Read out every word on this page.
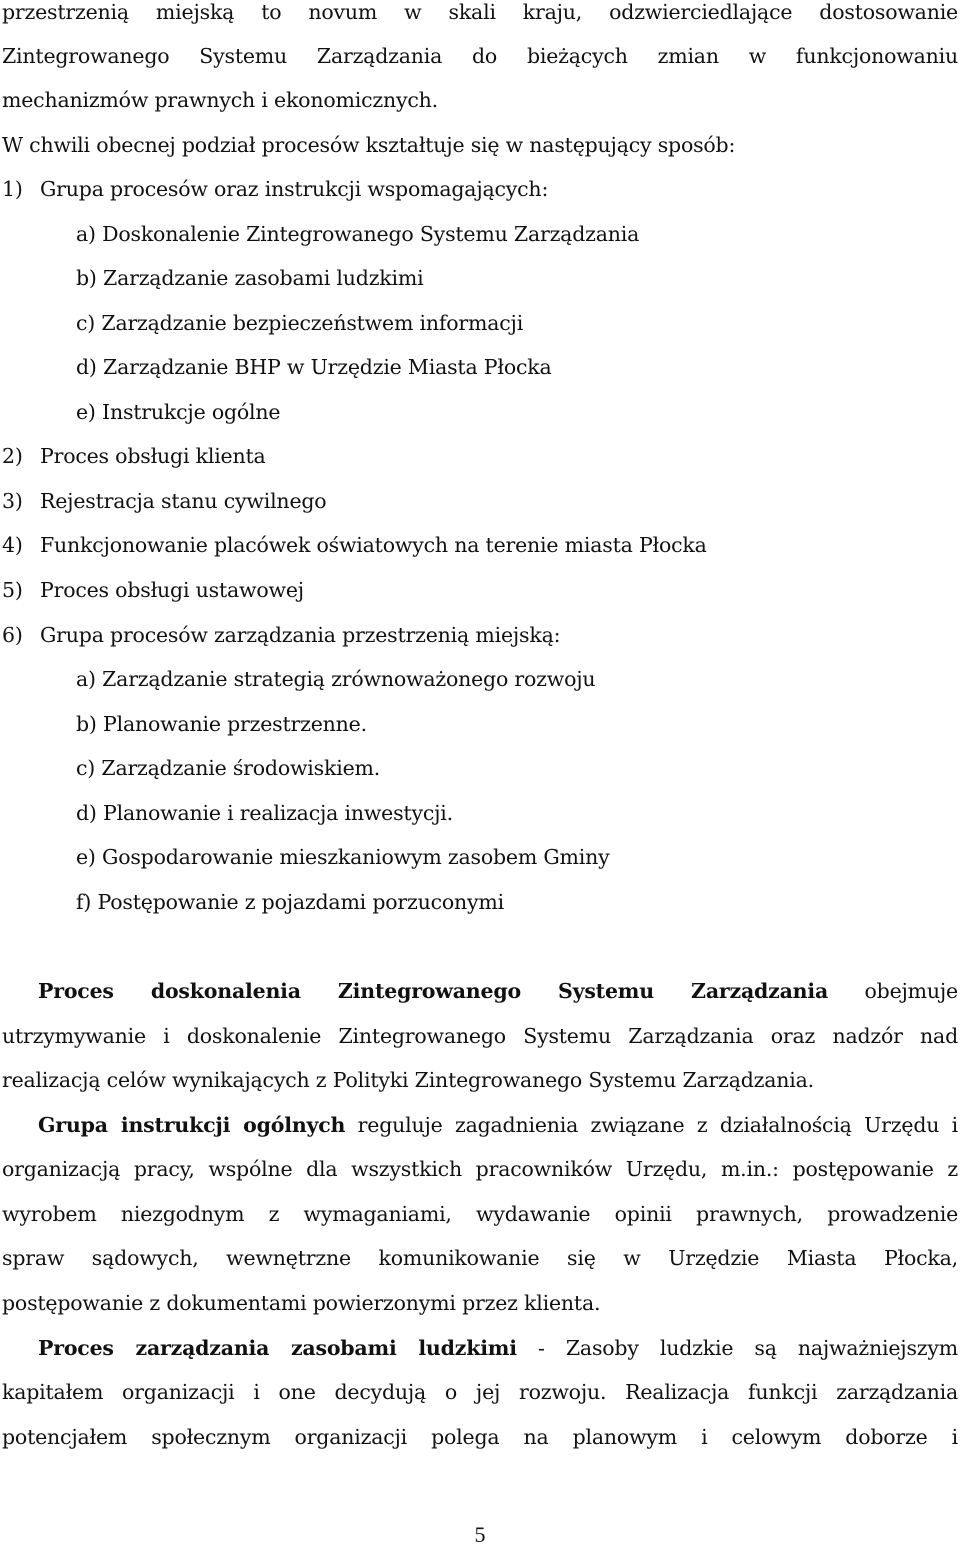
przestrzenią miejską to novum w skali kraju, odzwierciedlające dostosowanie
Zintegrowanego Systemu Zarządzania do bieżących zmian w funkcjonowaniu
mechanizmów prawnych i ekonomicznych.
W chwili obecnej podział procesów kształtuje się w następujący sposób:
1) Grupa procesów oraz instrukcji wspomagających:
a) Doskonalenie Zintegrowanego Systemu Zarządzania
b) Zarządzanie zasobami ludzkimi
c) Zarządzanie bezpieczeństwem informacji
d) Zarządzanie BHP w Urzędzie Miasta Płocka
e) Instrukcje ogólne
2) Proces obsługi klienta
3) Rejestracja stanu cywilnego
4) Funkcjonowanie placówek oświatowych na terenie miasta Płocka
5) Proces obsługi ustawowej
6) Grupa procesów zarządzania przestrzenią miejską:
a) Zarządzanie strategią zrównoważonego rozwoju
b) Planowanie przestrzenne.
c) Zarządzanie środowiskiem.
d) Planowanie i realizacja inwestycji.
e) Gospodarowanie mieszkaniowym zasobem Gminy
f) Postępowanie z pojazdami porzuconymi
Proces doskonalenia Zintegrowanego Systemu Zarządzania obejmuje
utrzymywanie i doskonalenie Zintegrowanego Systemu Zarządzania oraz nadzór nad
realizacją celów wynikających z Polityki Zintegrowanego Systemu Zarządzania.
Grupa instrukcji ogólnych reguluje zagadnienia związane z działalnością Urzędu i
organizacją pracy, wspólne dla wszystkich pracowników Urzędu, m.in.: postępowanie z
wyrobem niezgodnym z wymaganiami, wydawanie opinii prawnych, prowadzenie
spraw sądowych, wewnętrzne komunikowanie się w Urzędzie Miasta Płocka,
postępowanie z dokumentami powierzonymi przez klienta.
Proces zarządzania zasobami ludzkimi - Zasoby ludzkie są najważniejszym
kapitałem organizacji i one decydują o jej rozwoju. Realizacja funkcji zarządzania
potencjałem społecznym organizacji polega na planowym i celowym doborze i
5
